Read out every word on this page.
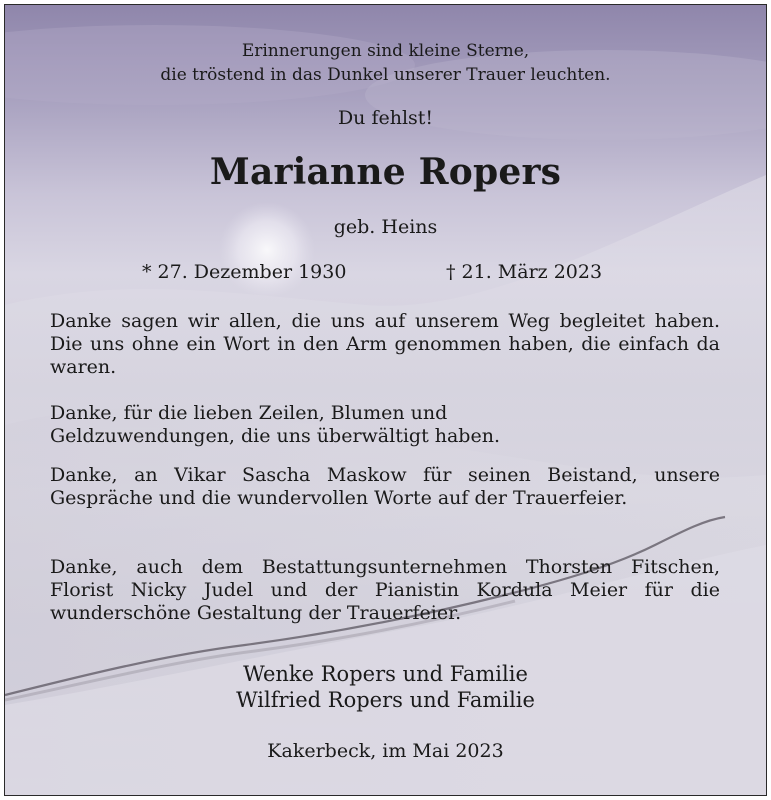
Erinnerungen sind kleine Sterne,
die tröstend in das Dunkel unserer Trauer leuchten.
Du fehlst!
Marianne Ropers
geb. Heins
* 27. Dezember 1930	† 21. März 2023
Danke sagen wir allen, die uns auf unserem Weg begleitet haben. Die uns ohne ein Wort in den Arm genommen haben, die einfach da waren.
Danke, für die lieben Zeilen, Blumen und Geldzuwendungen, die uns überwältigt haben.
Danke, an Vikar Sascha Maskow für seinen Beistand, unsere Gespräche und die wundervollen Worte auf der Trauerfeier.
Danke, auch dem Bestattungsunternehmen Thorsten Fitschen, Florist Nicky Judel und der Pianistin Kordula Meier für die wunderschöne Gestaltung der Trauerfeier.
Wenke Ropers und Familie
Wilfried Ropers und Familie
Kakerbeck, im Mai 2023
